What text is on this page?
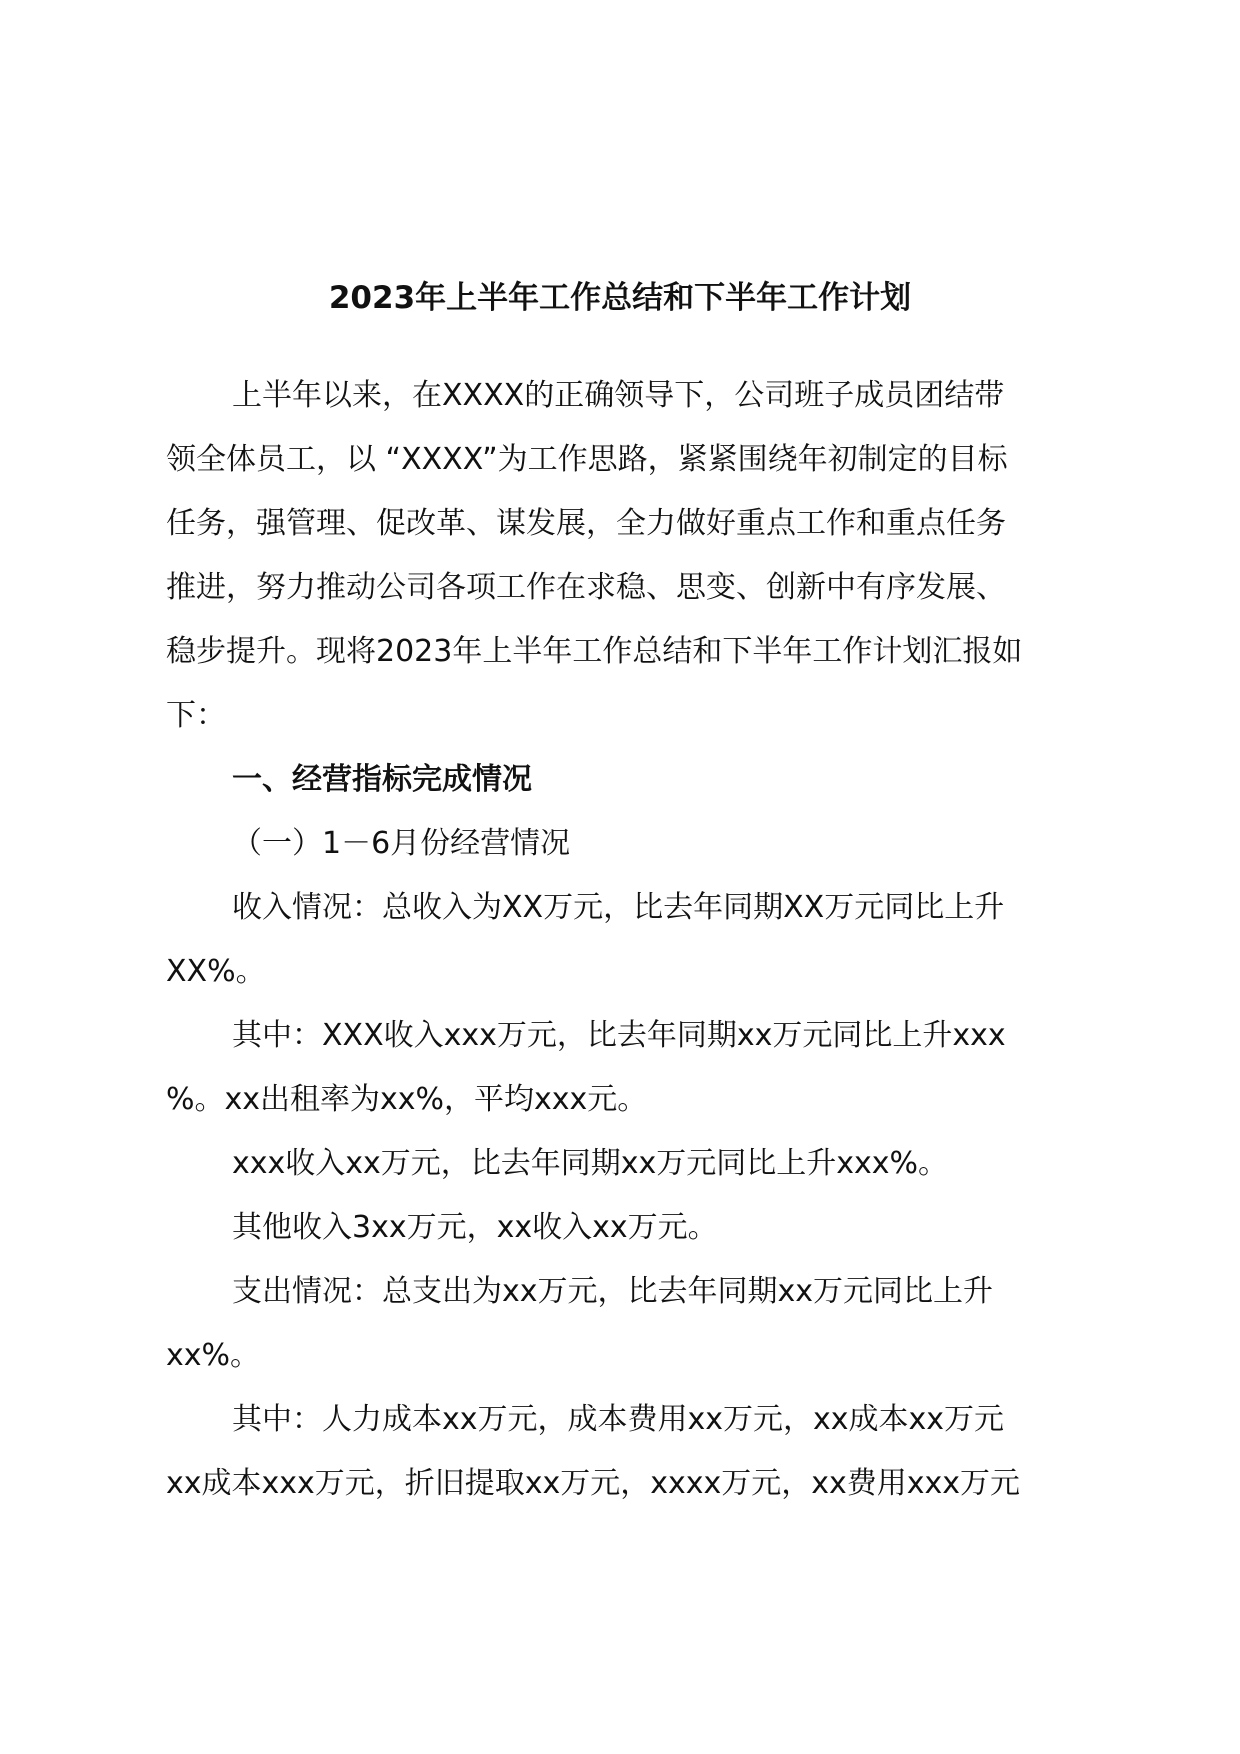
2023年上半年工作总结和下半年工作计划
上半年以来，在XXXX的正确领导下，公司班子成员团结带
领全体员工，以 “XXXX”为工作思路，紧紧围绕年初制定的目标
任务，强管理、促改革、谋发展，全力做好重点工作和重点任务
推进，努力推动公司各项工作在求稳、思变、创新中有序发展、
稳步提升。现将2023年上半年工作总结和下半年工作计划汇报如
下：
一、经营指标完成情况
（一）1－6月份经营情况
收入情况：总收入为XX万元，比去年同期XX万元同比上升
XX%。
其中：XXX收入xxx万元，比去年同期xx万元同比上升xxx
%。xx出租率为xx%，平均xxx元。
xxx收入xx万元，比去年同期xx万元同比上升xxx%。
其他收入3xx万元，xx收入xx万元。
支出情况：总支出为xx万元，比去年同期xx万元同比上升
xx%。
其中：人力成本xx万元，成本费用xx万元，xx成本xx万元
xx成本xxx万元，折旧提取xx万元，xxxx万元，xx费用xxx万元
